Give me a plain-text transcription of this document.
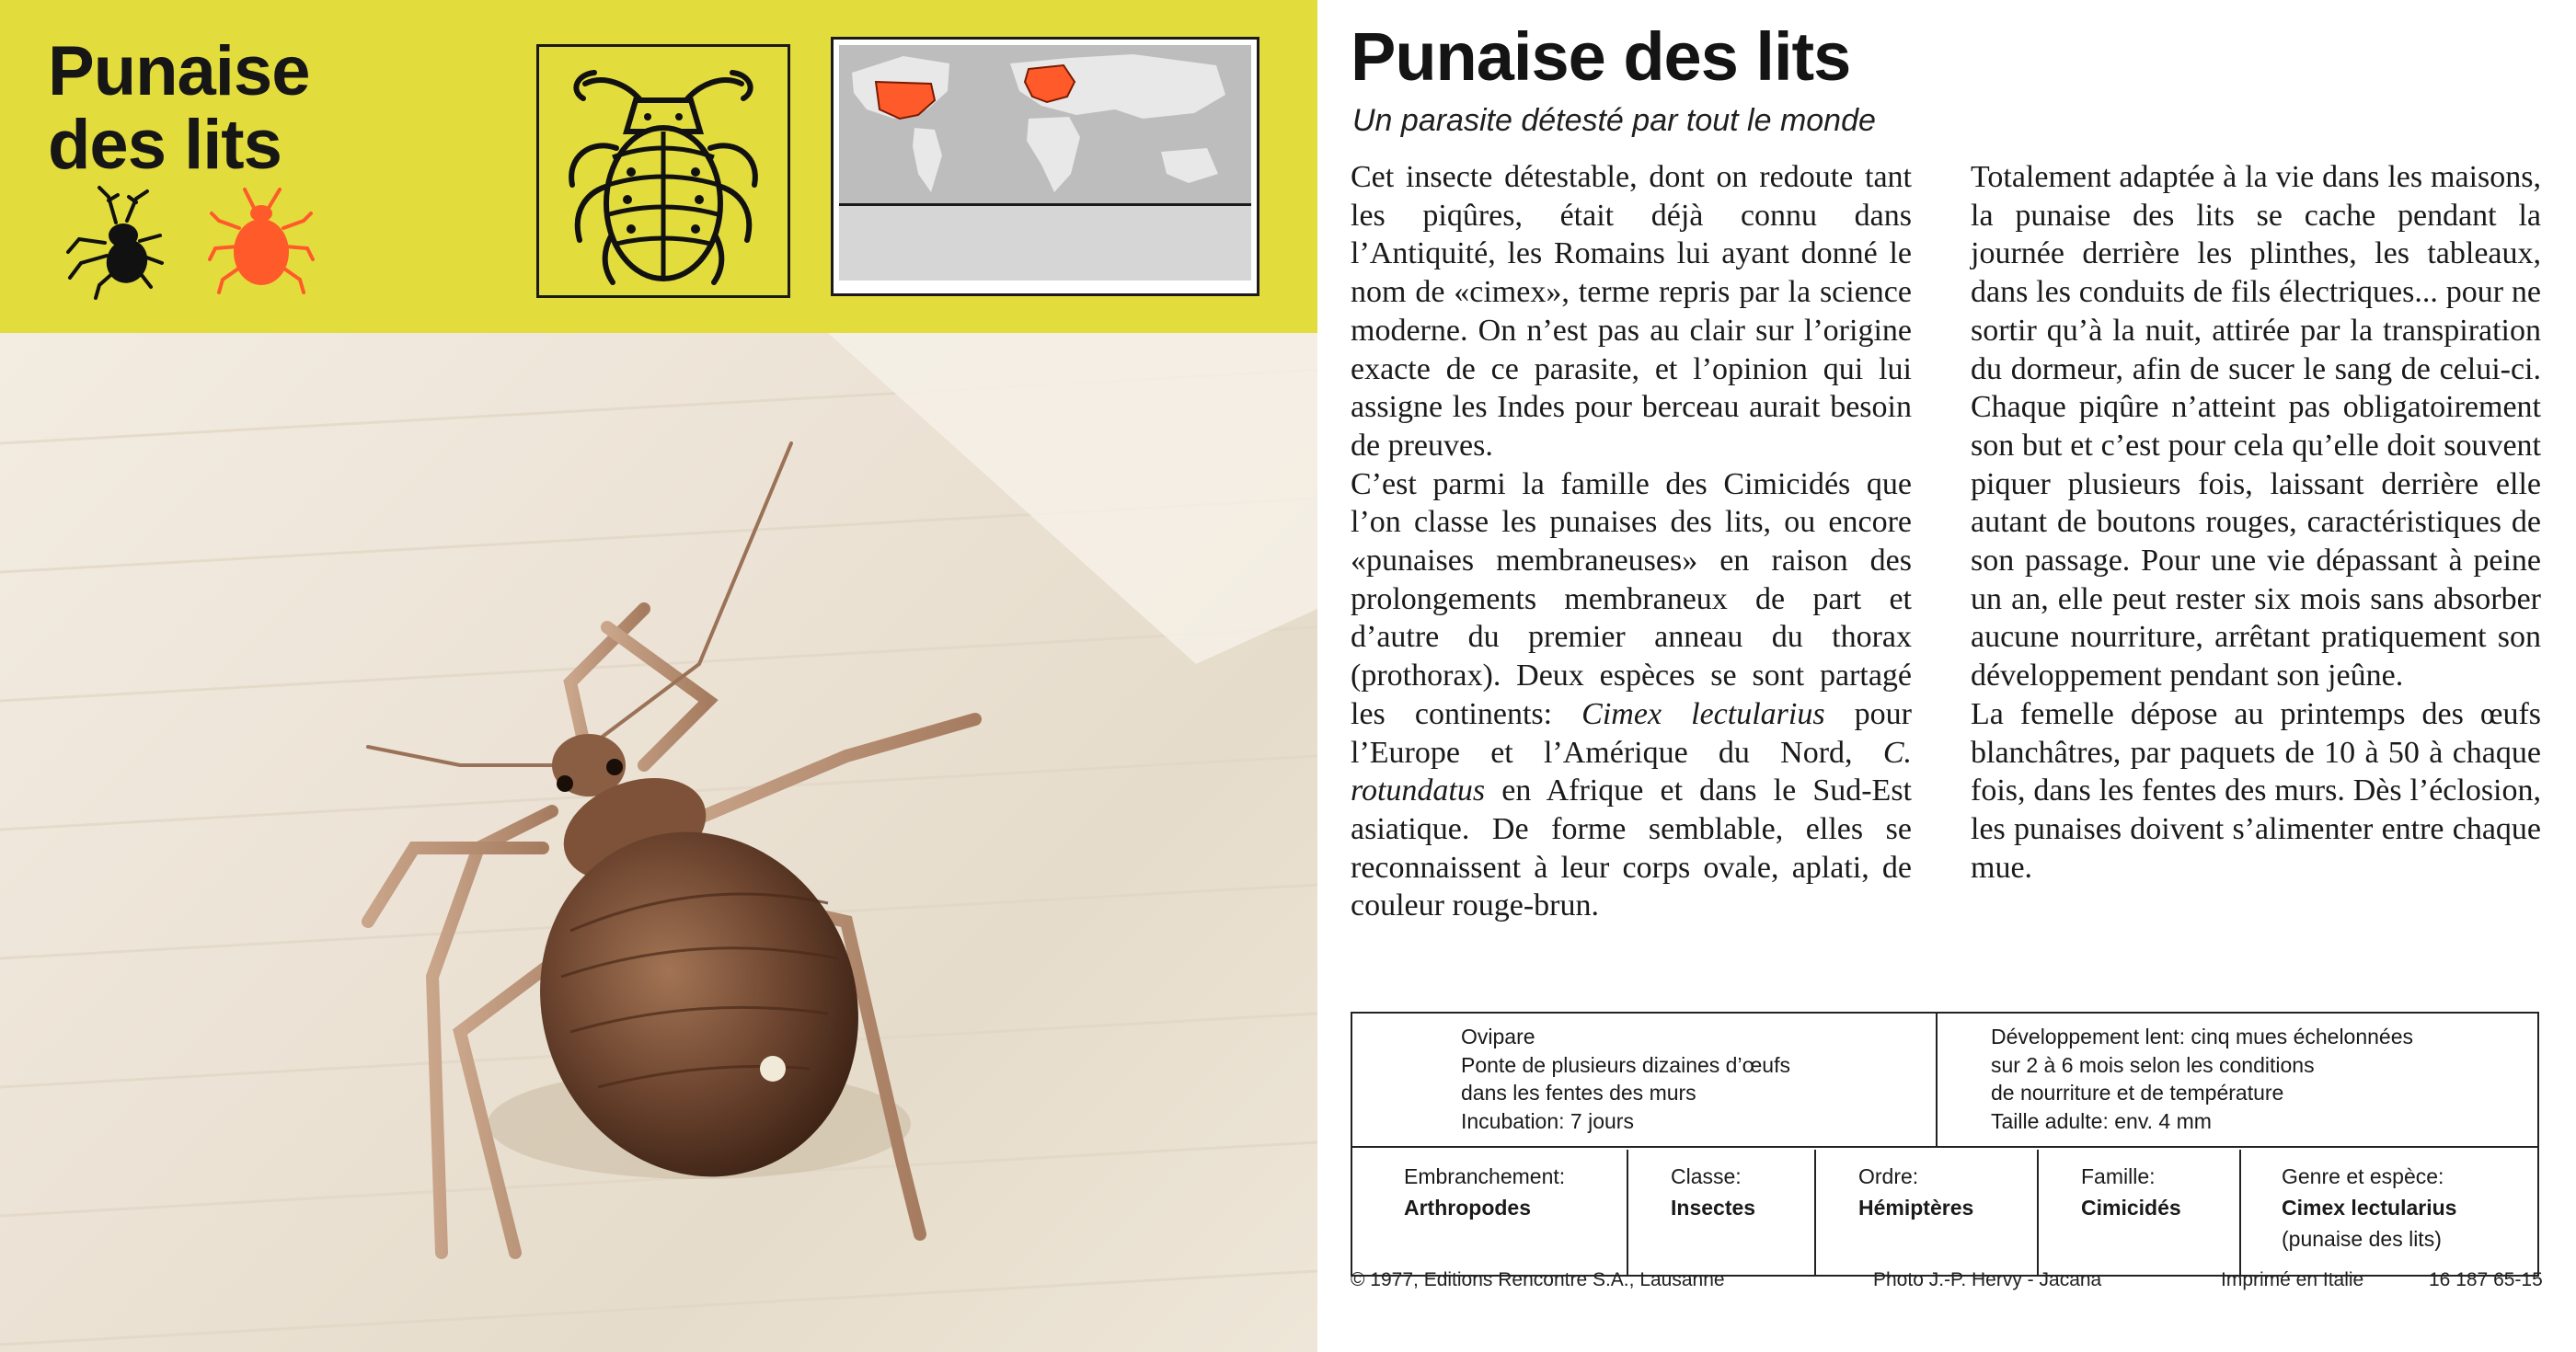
Punaise
des lits
Punaise des lits
Un parasite détesté par tout le monde

Cet insecte détestable, dont on redoute tant les piqûres, était déjà connu dans l’Antiquité, les Romains lui ayant donné le nom de «cimex», terme repris par la science moderne. On n’est pas au clair sur l’origine exacte de ce parasite, et l’opinion qui lui assigne les Indes pour berceau aurait besoin de preuves.

C’est parmi la famille des Cimicidés que l’on classe les punaises des lits, ou encore «punaises membraneuses» en raison des prolongements membraneux de part et d’autre du premier anneau du thorax (prothorax). Deux espèces se sont partagé les continents: Cimex lectularius pour l’Europe et l’Amérique du Nord, C. rotundatus en Afrique et dans le Sud-Est asiatique. De forme semblable, elles se reconnaissent à leur corps ovale, aplati, de couleur rouge-brun.

Totalement adaptée à la vie dans les maisons, la punaise des lits se cache pendant la journée derrière les plinthes, les tableaux, dans les conduits de fils électriques... pour ne sortir qu’à la nuit, attirée par la transpiration du dormeur, afin de sucer le sang de celui-ci. Chaque piqûre n’atteint pas obligatoirement son but et c’est pour cela qu’elle doit souvent piquer plusieurs fois, laissant derrière elle autant de boutons rouges, caractéristiques de son passage. Pour une vie dépassant à peine un an, elle peut rester six mois sans absorber aucune nourriture, arrêtant pratiquement son développement pendant son jeûne.

La femelle dépose au printemps des œufs blanchâtres, par paquets de 10 à 50 à chaque fois, dans les fentes des murs. Dès l’éclosion, les punaises doivent s’alimenter entre chaque mue.

Ovipare
Ponte de plusieurs dizaines d’œufs
dans les fentes des murs
Incubation: 7 jours
Développement lent: cinq mues échelonnées
sur 2 à 6 mois selon les conditions
de nourriture et de température
Taille adulte: env. 4 mm
Embranchement:
Arthropodes
Classe:
Insectes
Ordre:
Hémiptères
Famille:
Cimicidés
Genre et espèce:
Cimex lectularius
(punaise des lits)
© 1977, Editions Rencontre S.A., Lausanne	Photo J.-P. Hervy - Jacana	Imprimé en Italie	16 187 65-15
